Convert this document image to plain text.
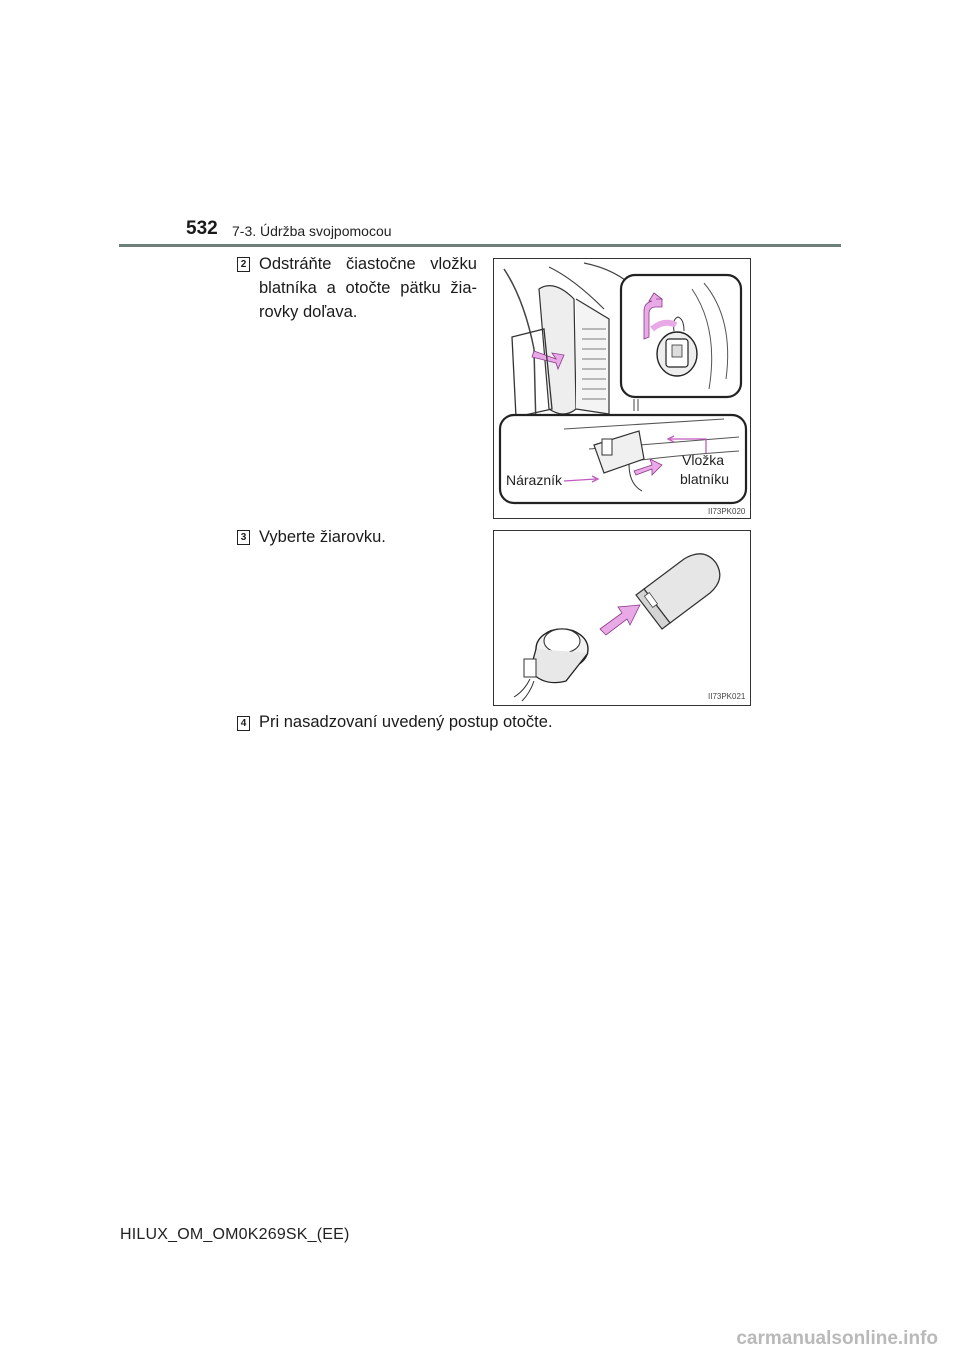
532 7-3. Údržba svojpomocou
2 Odstráňte čiastočne vložku
blatníka a otočte pätku žia-
rovky doľava.
Nárazník
Vložka
blatníku
II73PK020
3 Vyberte žiarovku.
II73PK021
4 Pri nasadzovaní uvedený postup otočte.
HILUX_OM_OM0K269SK_(EE)
carmanualsonline.info
